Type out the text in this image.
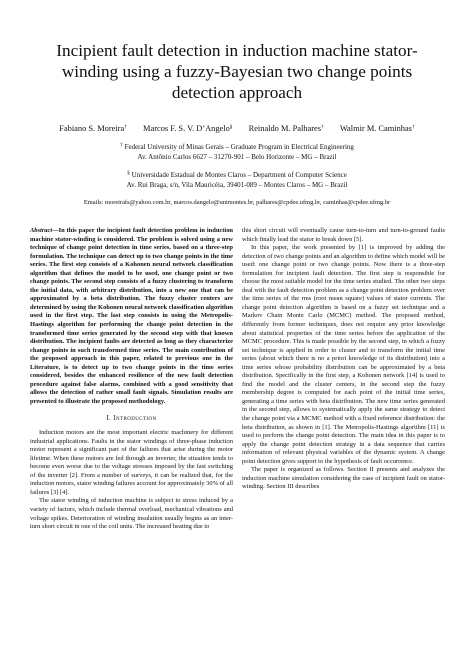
Incipient fault detection in induction machine stator-winding using a fuzzy-Bayesian two change points detection approach
Fabiano S. Moreira† Marcos F. S. V. D’Angelo§ Reinaldo M. Palhares† Walmir M. Caminhas†
† Federal University of Minas Gerais – Graduate Program in Electrical Engineering
Av. Antônio Carlos 6627 – 31270-901 – Belo Horizonte – MG – Brazil
§ Universidade Estadual de Montes Claros – Department of Computer Science
Av. Rui Braga, s/n, Vila Mauricéia, 39401-089 – Montes Claros – MG – Brazil
Emails: moreirafs@yahoo.com.br, marcos.dangelo@unimontes.br, palhares@cpdee.ufmg.br, caminhas@cpdee.ufmg.br
Abstract—In this paper the incipient fault detection problem in induction machine stator-winding is considered. The problem is solved using a new technique of change point detection in time series, based on a three-step formulation. The technique can detect up to two change points in the time series. The first step consists of a Kohonen neural network classification algorithm that defines the model to be used, one change point or two change points. The second step consists of a fuzzy clustering to transform the initial data, with arbitrary distribution, into a new one that can be approximated by a beta distribution. The fuzzy cluster centers are determined by using the Kohonen neural network classification algorithm used in the first step. The last step consists in using the Metropolis-Hastings algorithm for performing the change point detection in the transformed time series generated by the second step with that known distribution. The incipient faults are detected as long as they characterize change points in such transformed time series. The main contribution of the proposed approach in this paper, related to previous one in the Literature, is to detect up to two change points in the time series considered, besides the enhanced resilience of the new fault detection procedure against false alarms, combined with a good sensitivity that allows the detection of rather small fault signals. Simulation results are presented to illustrate the proposed methodology.
I. Introduction

Induction motors are the most important electric machinery for different industrial applications. Faults in the stator windings of three-phase induction motor represent a significant part of the failures that arise during the motor lifetime. When these motors are fed through an inverter, the situation tends to become even worse due to the voltage stresses imposed by the fast switching of the inverter [2]. From a number of surveys, it can be realized that, for the induction motors, stator winding failures account for approximately 30% of all failures [3] [4].

The stator winding of induction machine is subject to stress induced by a variety of factors, which include thermal overload, mechanical vibrations and voltage spikes. Deterioration of winding insulation usually begins as an inter-turn short circuit in one of the coil units. The increased heating due to

this short circuit will eventually cause turn-to-turn and turn-to-ground faults which finally lead the stator to break down [5].

In this paper, the work presented by [1] is improved by adding the detection of two change points and an algorithm to define which model will be used: one change point or two change points. Now there is a three-step formulation for incipient fault detection. The first step is responsible for choose the most suitable model for the time series studied. The other two steps deal with the fault detection problem as a change point detection problem over the time series of the rms (root mean square) values of stator currents. The change point detection algorithm is based on a fuzzy set technique and a Markov Chain Monte Carlo (MCMC) method. The proposed method, differently from former techniques, does not require any prior knowledge about statistical properties of the time series before the application of the MCMC procedure. This is made possible by the second step, in which a fuzzy set technique is applied in order to cluster and to transform the initial time series (about which there is no a priori knowledge of its distribution) into a time series whose probability distribution can be approximated by a beta distribution. Specifically in the first step, a Kohonen network [14] is used to find the model and the cluster centers, in the second step the fuzzy membership degree is computed for each point of the initial time series, generating a time series with beta distribution. The new time series generated in the second step, allows to systematically apply the same strategy to detect the change point via a MCMC method with a fixed reference distribution: the beta distribution, as shown in [1]. The Metropolis-Hastings algorithm [11] is used to perform the change point detection. The main idea in this paper is to apply the change point detection strategy in a data sequence that carries information of relevant physical variables of the dynamic system. A change point detection gives support to the hypothesis of fault occurrence.

The paper is organized as follows. Section II presents and analyzes the induction machine simulation considering the case of incipient fault on stator-winding. Section III describes
